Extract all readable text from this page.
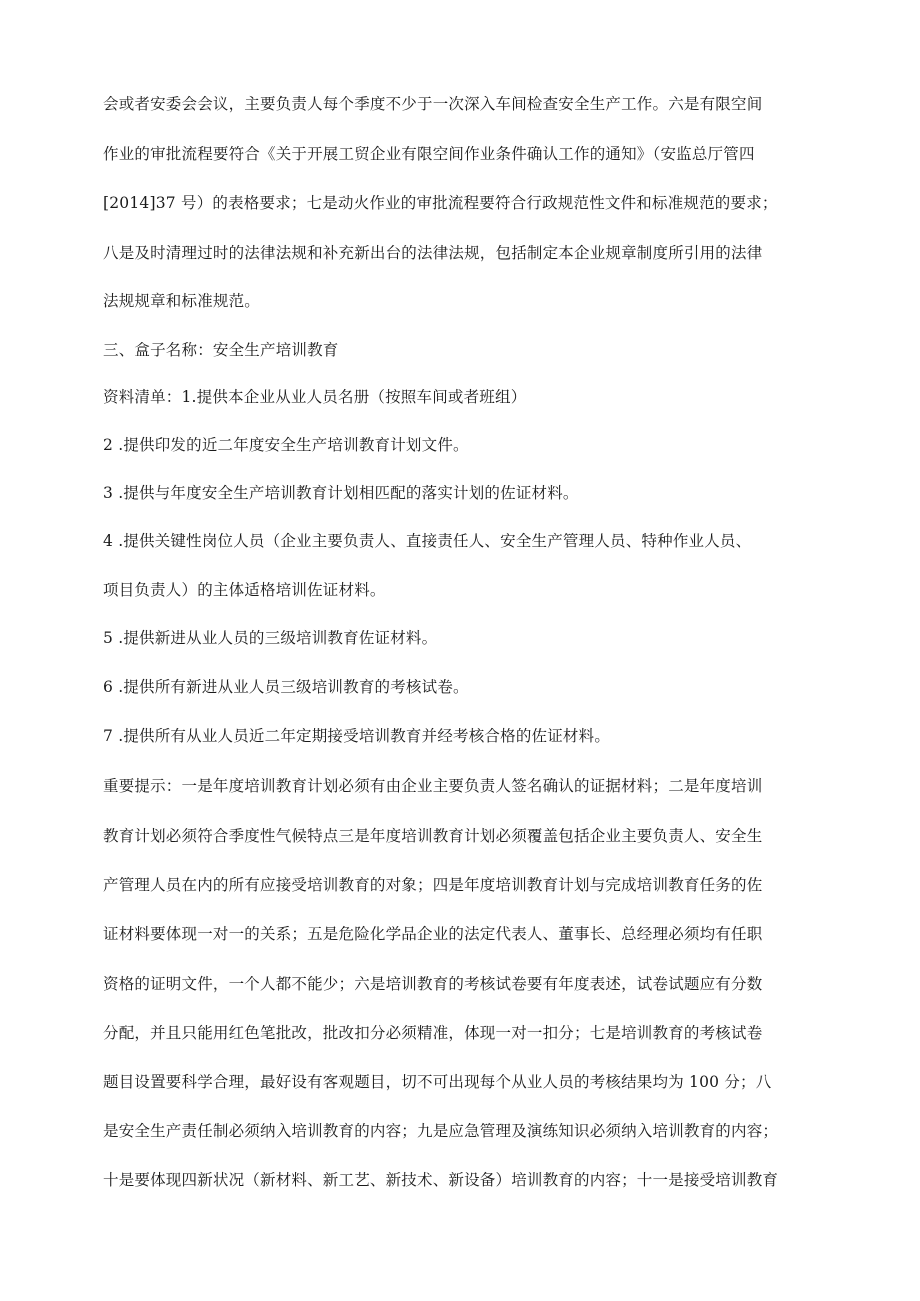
会或者安委会会议，主要负责人每个季度不少于一次深入车间检查安全生产工作。六是有限空间
作业的审批流程要符合《关于开展工贸企业有限空间作业条件确认工作的通知》（安监总厅管四
[2014]37 号）的表格要求；七是动火作业的审批流程要符合行政规范性文件和标准规范的要求；
八是及时清理过时的法律法规和补充新出台的法律法规，包括制定本企业规章制度所引用的法律
法规规章和标准规范。
三、盒子名称：安全生产培训教育
资料清单：1.提供本企业从业人员名册（按照车间或者班组）
2 .提供印发的近二年度安全生产培训教育计划文件。
3 .提供与年度安全生产培训教育计划相匹配的落实计划的佐证材料。
4 .提供关键性岗位人员（企业主要负责人、直接责任人、安全生产管理人员、特种作业人员、
项目负责人）的主体适格培训佐证材料。
5 .提供新进从业人员的三级培训教育佐证材料。
6 .提供所有新进从业人员三级培训教育的考核试卷。
7 .提供所有从业人员近二年定期接受培训教育并经考核合格的佐证材料。
重要提示：一是年度培训教育计划必须有由企业主要负责人签名确认的证据材料；二是年度培训
教育计划必须符合季度性气候特点三是年度培训教育计划必须覆盖包括企业主要负责人、安全生
产管理人员在内的所有应接受培训教育的对象；四是年度培训教育计划与完成培训教育任务的佐
证材料要体现一对一的关系；五是危险化学品企业的法定代表人、董事长、总经理必须均有任职
资格的证明文件，一个人都不能少；六是培训教育的考核试卷要有年度表述，试卷试题应有分数
分配，并且只能用红色笔批改，批改扣分必须精准，体现一对一扣分；七是培训教育的考核试卷
题目设置要科学合理，最好设有客观题目，切不可出现每个从业人员的考核结果均为 100 分；八
是安全生产责任制必须纳入培训教育的内容；九是应急管理及演练知识必须纳入培训教育的内容；
十是要体现四新状况（新材料、新工艺、新技术、新设备）培训教育的内容；十一是接受培训教育
